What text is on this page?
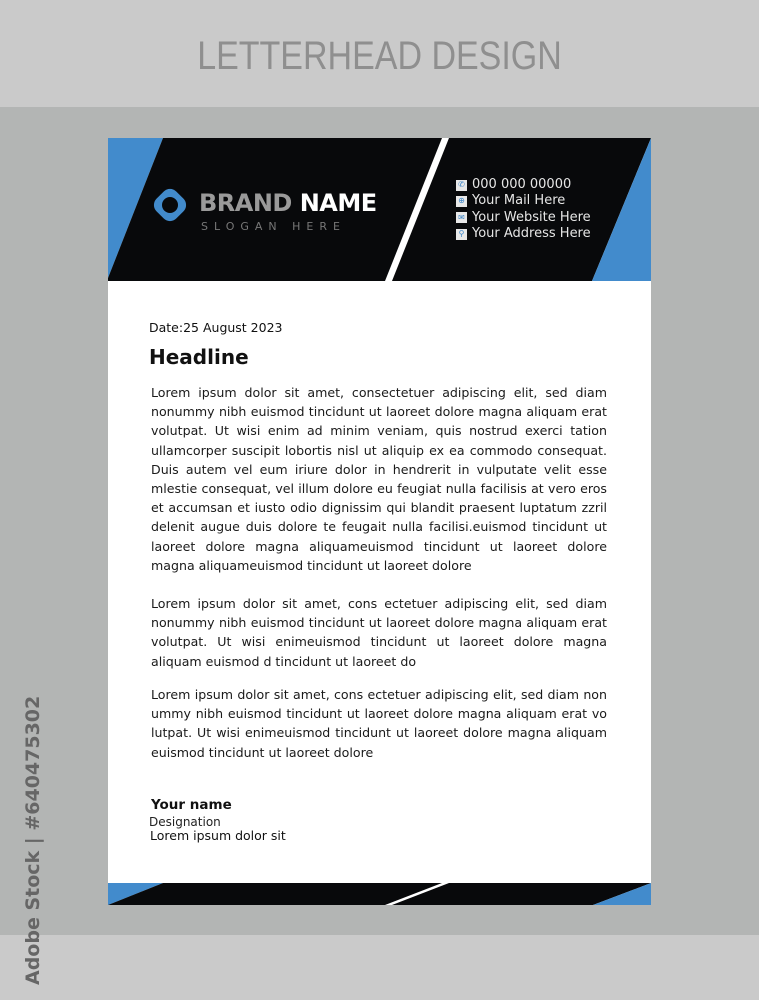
LETTERHEAD DESIGN
Adobe Stock | #640475302
BRAND NAME
SLOGAN HERE
✆ 000 000 00000
⊕ Your Mail Here
✉ Your Website Here
⚲ Your Address Here
Date:25 August 2023
Headline

Lorem ipsum dolor sit amet, consectetuer adipiscing elit, sed diam nonummy nibh euismod tincidunt ut laoreet dolore magna aliquam erat volutpat. Ut wisi enim ad minim veniam, quis nostrud exerci tation ullamcorper suscipit lobortis nisl ut aliquip ex ea commodo consequat. Duis autem vel eum iriure dolor in hendrerit in vulputate velit esse mlestie consequat, vel illum dolore eu feugiat nulla facilisis at vero eros et accumsan et iusto odio dignissim qui blandit praesent luptatum zzril delenit augue duis dolore te feugait nulla facilisi.euismod tincidunt ut laoreet dolore magna aliquameuismod tincidunt ut laoreet dolore magna aliquameuismod tincidunt ut laoreet dolore

Lorem ipsum dolor sit amet, cons ectetuer adipiscing elit, sed diam nonummy nibh euismod tincidunt ut laoreet dolore magna aliquam erat volutpat. Ut wisi enimeuismod tincidunt ut laoreet dolore magna aliquam euismod d tincidunt ut laoreet do

Lorem ipsum dolor sit amet, cons ectetuer adipiscing elit, sed diam non ummy nibh euismod tincidunt ut laoreet dolore magna aliquam erat vo lutpat. Ut wisi enimeuismod tincidunt ut laoreet dolore magna aliquam euismod tincidunt ut laoreet dolore

Your name
Designation
Lorem ipsum dolor sit
